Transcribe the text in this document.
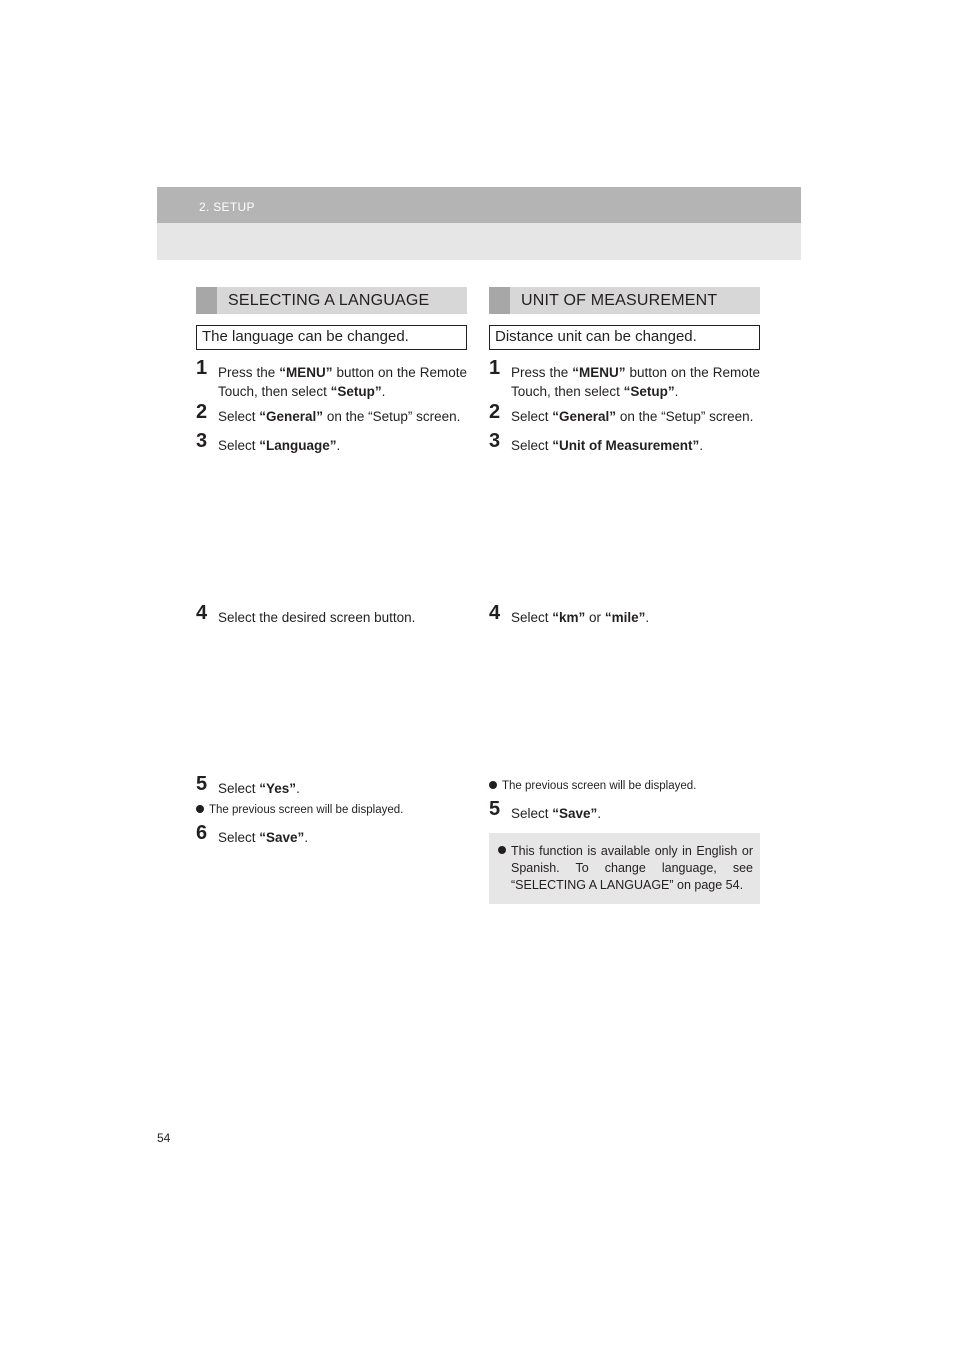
2. SETUP
SELECTING A LANGUAGE
The language can be changed.
1 Press the “MENU” button on the Remote Touch, then select “Setup”.
2 Select “General” on the “Setup” screen.
3 Select “Language”.
4 Select the desired screen button.
5 Select “Yes”.
The previous screen will be displayed.
6 Select “Save”.
UNIT OF MEASUREMENT
Distance unit can be changed.
1 Press the “MENU” button on the Remote Touch, then select “Setup”.
2 Select “General” on the “Setup” screen.
3 Select “Unit of Measurement”.
4 Select “km” or “mile”.
The previous screen will be displayed.
5 Select “Save”.
This function is available only in English or Spanish. To change language, see “SELECTING A LANGUAGE” on page 54.
54
